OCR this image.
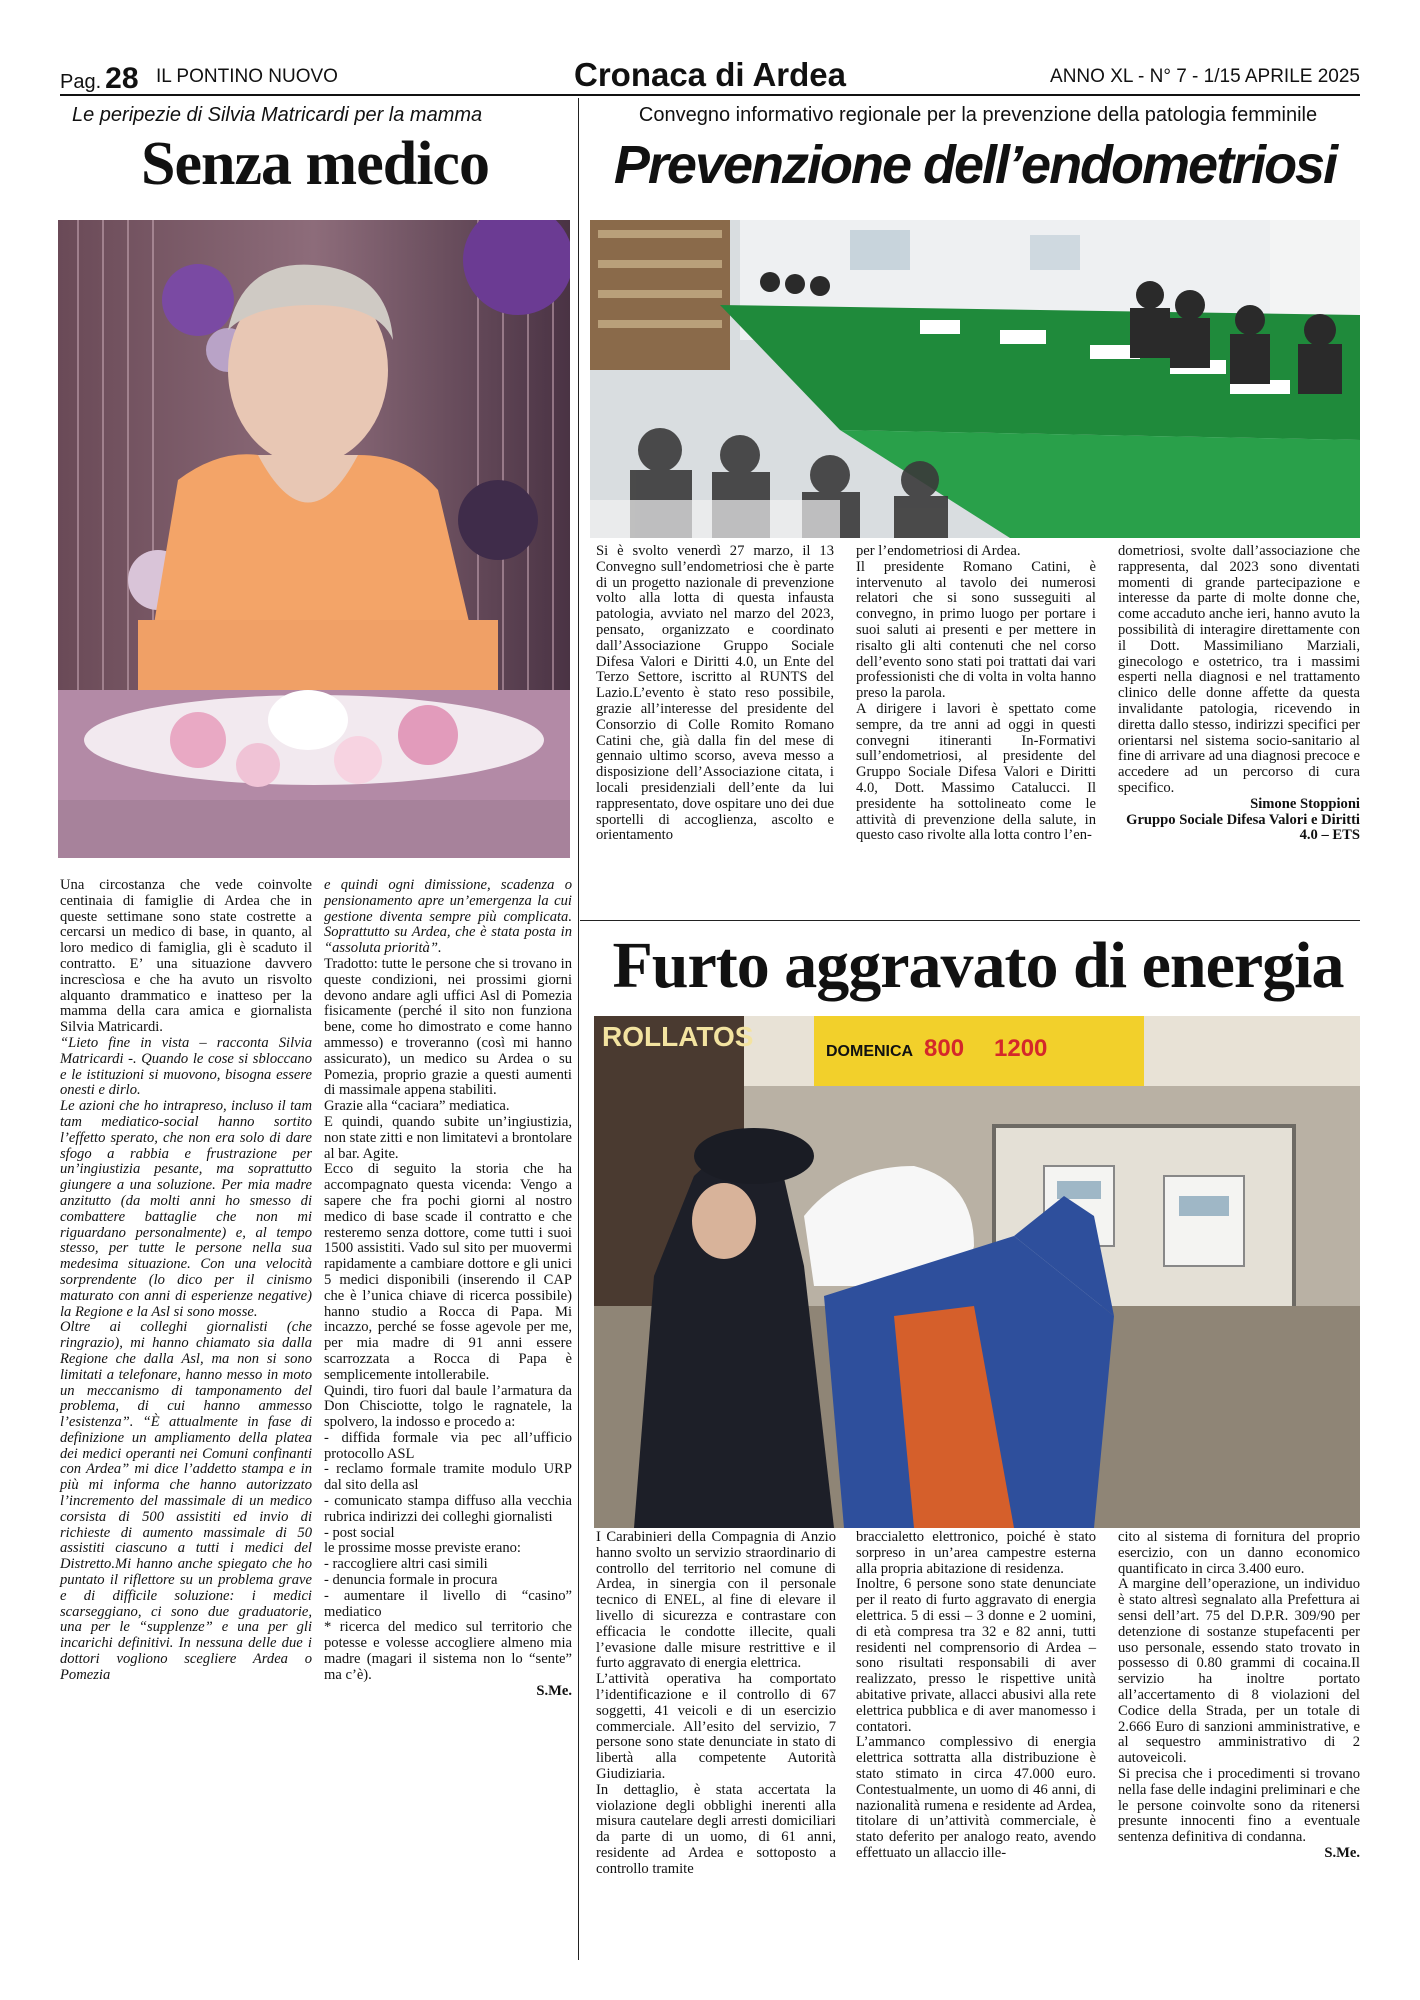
Pag. 28 IL PONTINO NUOVO	Cronaca di Ardea	ANNO XL - N° 7 - 1/15 APRILE 2025
Le peripezie di Silvia Matricardi per la mamma
Senza medico

Una circostanza che vede coinvolte centinaia di famiglie di Ardea che in queste settimane sono state costrette a cercarsi un medico di base, in quanto, al loro medico di famiglia, gli è scaduto il contratto. E’ una situazione davvero increscìosa e che ha avuto un risvolto alquanto drammatico e inatteso per la mamma della cara amica e giornalista Silvia Matricardi.

“Lieto fine in vista – racconta Silvia Matricardi -. Quando le cose si sbloccano e le istituzioni si muovono, bisogna essere onesti e dirlo.

Le azioni che ho intrapreso, incluso il tam tam mediatico-social hanno sortito l’effetto sperato, che non era solo di dare sfogo a rabbia e frustrazione per un’ingiustizia pesante, ma soprattutto giungere a una soluzione. Per mia madre anzitutto (da molti anni ho smesso di combattere battaglie che non mi riguardano personalmente) e, al tempo stesso, per tutte le persone nella sua medesima situazione. Con una velocità sorprendente (lo dico per il cinismo maturato con anni di esperienze negative) la Regione e la Asl si sono mosse.

Oltre ai colleghi giornalisti (che ringrazio), mi hanno chiamato sia dalla Regione che dalla Asl, ma non si sono limitati a telefonare, hanno messo in moto un meccanismo di tamponamento del problema, di cui hanno ammesso l’esistenza”. “È attualmente in fase di definizione un ampliamento della platea dei medici operanti nei Comuni confinanti con Ardea” mi dice l’addetto stampa e in più mi informa che hanno autorizzato l’incremento del massimale di un medico corsista di 500 assistiti ed invio di richieste di aumento massimale di 50 assistiti ciascuno a tutti i medici del Distretto.Mi hanno anche spiegato che ho puntato il riflettore su un problema grave e di difficile soluzione: i medici scarseggiano, ci sono due graduatorie, una per le “supplenze” e una per gli incarichi definitivi. In nessuna delle due i dottori vogliono scegliere Ardea o Pomezia

e quindi ogni dimissione, scadenza o pensionamento apre un’emergenza la cui gestione diventa sempre più complicata. Soprattutto su Ardea, che è stata posta in “assoluta priorità”.

Tradotto: tutte le persone che si trovano in queste condizioni, nei prossimi giorni devono andare agli uffici Asl di Pomezia fisicamente (perché il sito non funziona bene, come ho dimostrato e come hanno ammesso) e troveranno (così mi hanno assicurato), un medico su Ardea o su Pomezia, proprio grazie a questi aumenti di massimale appena stabiliti.

Grazie alla “caciara” mediatica.

E quindi, quando subite un’ingiustizia, non state zitti e non limitatevi a brontolare al bar. Agite.

Ecco di seguito la storia che ha accompagnato questa vicenda: Vengo a sapere che fra pochi giorni al nostro medico di base scade il contratto e che resteremo senza dottore, come tutti i suoi 1500 assistiti. Vado sul sito per muovermi rapidamente a cambiare dottore e gli unici 5 medici disponibili (inserendo il CAP che è l’unica chiave di ricerca possibile) hanno studio a Rocca di Papa. Mi incazzo, perché se fosse agevole per me, per mia madre di 91 anni essere scarrozzata a Rocca di Papa è semplicemente intollerabile.

Quindi, tiro fuori dal baule l’armatura da Don Chisciotte, tolgo le ragnatele, la spolvero, la indosso e procedo a:

- diffida formale via pec all’ufficio protocollo ASL

- reclamo formale tramite modulo URP dal sito della asl

- comunicato stampa diffuso alla vecchia rubrica indirizzi dei colleghi giornalisti

- post social

le prossime mosse previste erano:

- raccogliere altri casi simili

- denuncia formale in procura

- aumentare il livello di “casino” mediatico

* ricerca del medico sul territorio che potesse e volesse accogliere almeno mia madre (magari il sistema non lo “sente” ma c’è).

S.Me.

Convegno informativo regionale per la prevenzione della patologia femminile
Prevenzione dell’endometriosi

Si è svolto venerdì 27 marzo, il 13 Convegno sull’endometriosi che è parte di un progetto nazionale di prevenzione volto alla lotta di questa infausta patologia, avviato nel marzo del 2023, pensato, organizzato e coordinato dall’Associazione Gruppo Sociale Difesa Valori e Diritti 4.0, un Ente del Terzo Settore, iscritto al RUNTS del Lazio.L’evento è stato reso possibile, grazie all’interesse del presidente del Consorzio di Colle Romito Romano Catini che, già dalla fin del mese di gennaio ultimo scorso, aveva messo a disposizione dell’Associazione citata, i locali presidenziali dell’ente da lui rappresentato, dove ospitare uno dei due sportelli di accoglienza, ascolto e orientamento

per l’endometriosi di Ardea.

Il presidente Romano Catini, è intervenuto al tavolo dei numerosi relatori che si sono susseguiti al convegno, in primo luogo per portare i suoi saluti ai presenti e per mettere in risalto gli alti contenuti che nel corso dell’evento sono stati poi trattati dai vari professionisti che di volta in volta hanno preso la parola.

A dirigere i lavori è spettato come sempre, da tre anni ad oggi in questi convegni itineranti In-Formativi sull’endometriosi, al presidente del Gruppo Sociale Difesa Valori e Diritti 4.0, Dott. Massimo Catalucci. Il presidente ha sottolineato come le attività di prevenzione della salute, in questo caso rivolte alla lotta contro l’en-

dometriosi, svolte dall’associazione che rappresenta, dal 2023 sono diventati momenti di grande partecipazione e interesse da parte di molte donne che, come accaduto anche ieri, hanno avuto la possibilità di interagire direttamente con il Dott. Massimiliano Marziali, ginecologo e ostetrico, tra i massimi esperti nella diagnosi e nel trattamento clinico delle donne affette da questa invalidante patologia, ricevendo in diretta dallo stesso, indirizzi specifici per orientarsi nel sistema socio-sanitario al fine di arrivare ad una diagnosi precoce e accedere ad un percorso di cura specifico.

Simone Stoppioni

Gruppo Sociale Difesa Valori e Diritti 4.0 – ETS

Furto aggravato di energia
ROLLATOS	DOMENICA 800 1200

I Carabinieri della Compagnia di Anzio hanno svolto un servizio straordinario di controllo del territorio nel comune di Ardea, in sinergia con il personale tecnico di ENEL, al fine di elevare il livello di sicurezza e contrastare con efficacia le condotte illecite, quali l’evasione dalle misure restrittive e il furto aggravato di energia elettrica.

L’attività operativa ha comportato l’identificazione e il controllo di 67 soggetti, 41 veicoli e di un esercizio commerciale. All’esito del servizio, 7 persone sono state denunciate in stato di libertà alla competente Autorità Giudiziaria.

In dettaglio, è stata accertata la violazione degli obblighi inerenti alla misura cautelare degli arresti domiciliari da parte di un uomo, di 61 anni, residente ad Ardea e sottoposto a controllo tramite

braccialetto elettronico, poiché è stato sorpreso in un’area campestre esterna alla propria abitazione di residenza.

Inoltre, 6 persone sono state denunciate per il reato di furto aggravato di energia elettrica. 5 di essi – 3 donne e 2 uomini, di età compresa tra 32 e 82 anni, tutti residenti nel comprensorio di Ardea – sono risultati responsabili di aver realizzato, presso le rispettive unità abitative private, allacci abusivi alla rete elettrica pubblica e di aver manomesso i contatori.

L’ammanco complessivo di energia elettrica sottratta alla distribuzione è stato stimato in circa 47.000 euro. Contestualmente, un uomo di 46 anni, di nazionalità rumena e residente ad Ardea, titolare di un’attività commerciale, è stato deferito per analogo reato, avendo effettuato un allaccio ille-

cito al sistema di fornitura del proprio esercizio, con un danno economico quantificato in circa 3.400 euro.

A margine dell’operazione, un individuo è stato altresì segnalato alla Prefettura ai sensi dell’art. 75 del D.P.R. 309/90 per detenzione di sostanze stupefacenti per uso personale, essendo stato trovato in possesso di 0.80 grammi di cocaina.Il servizio ha inoltre portato all’accertamento di 8 violazioni del Codice della Strada, per un totale di 2.666 Euro di sanzioni amministrative, e al sequestro amministrativo di 2 autoveicoli.

Si precisa che i procedimenti si trovano nella fase delle indagini preliminari e che le persone coinvolte sono da ritenersi presunte innocenti fino a eventuale sentenza definitiva di condanna.

S.Me.
